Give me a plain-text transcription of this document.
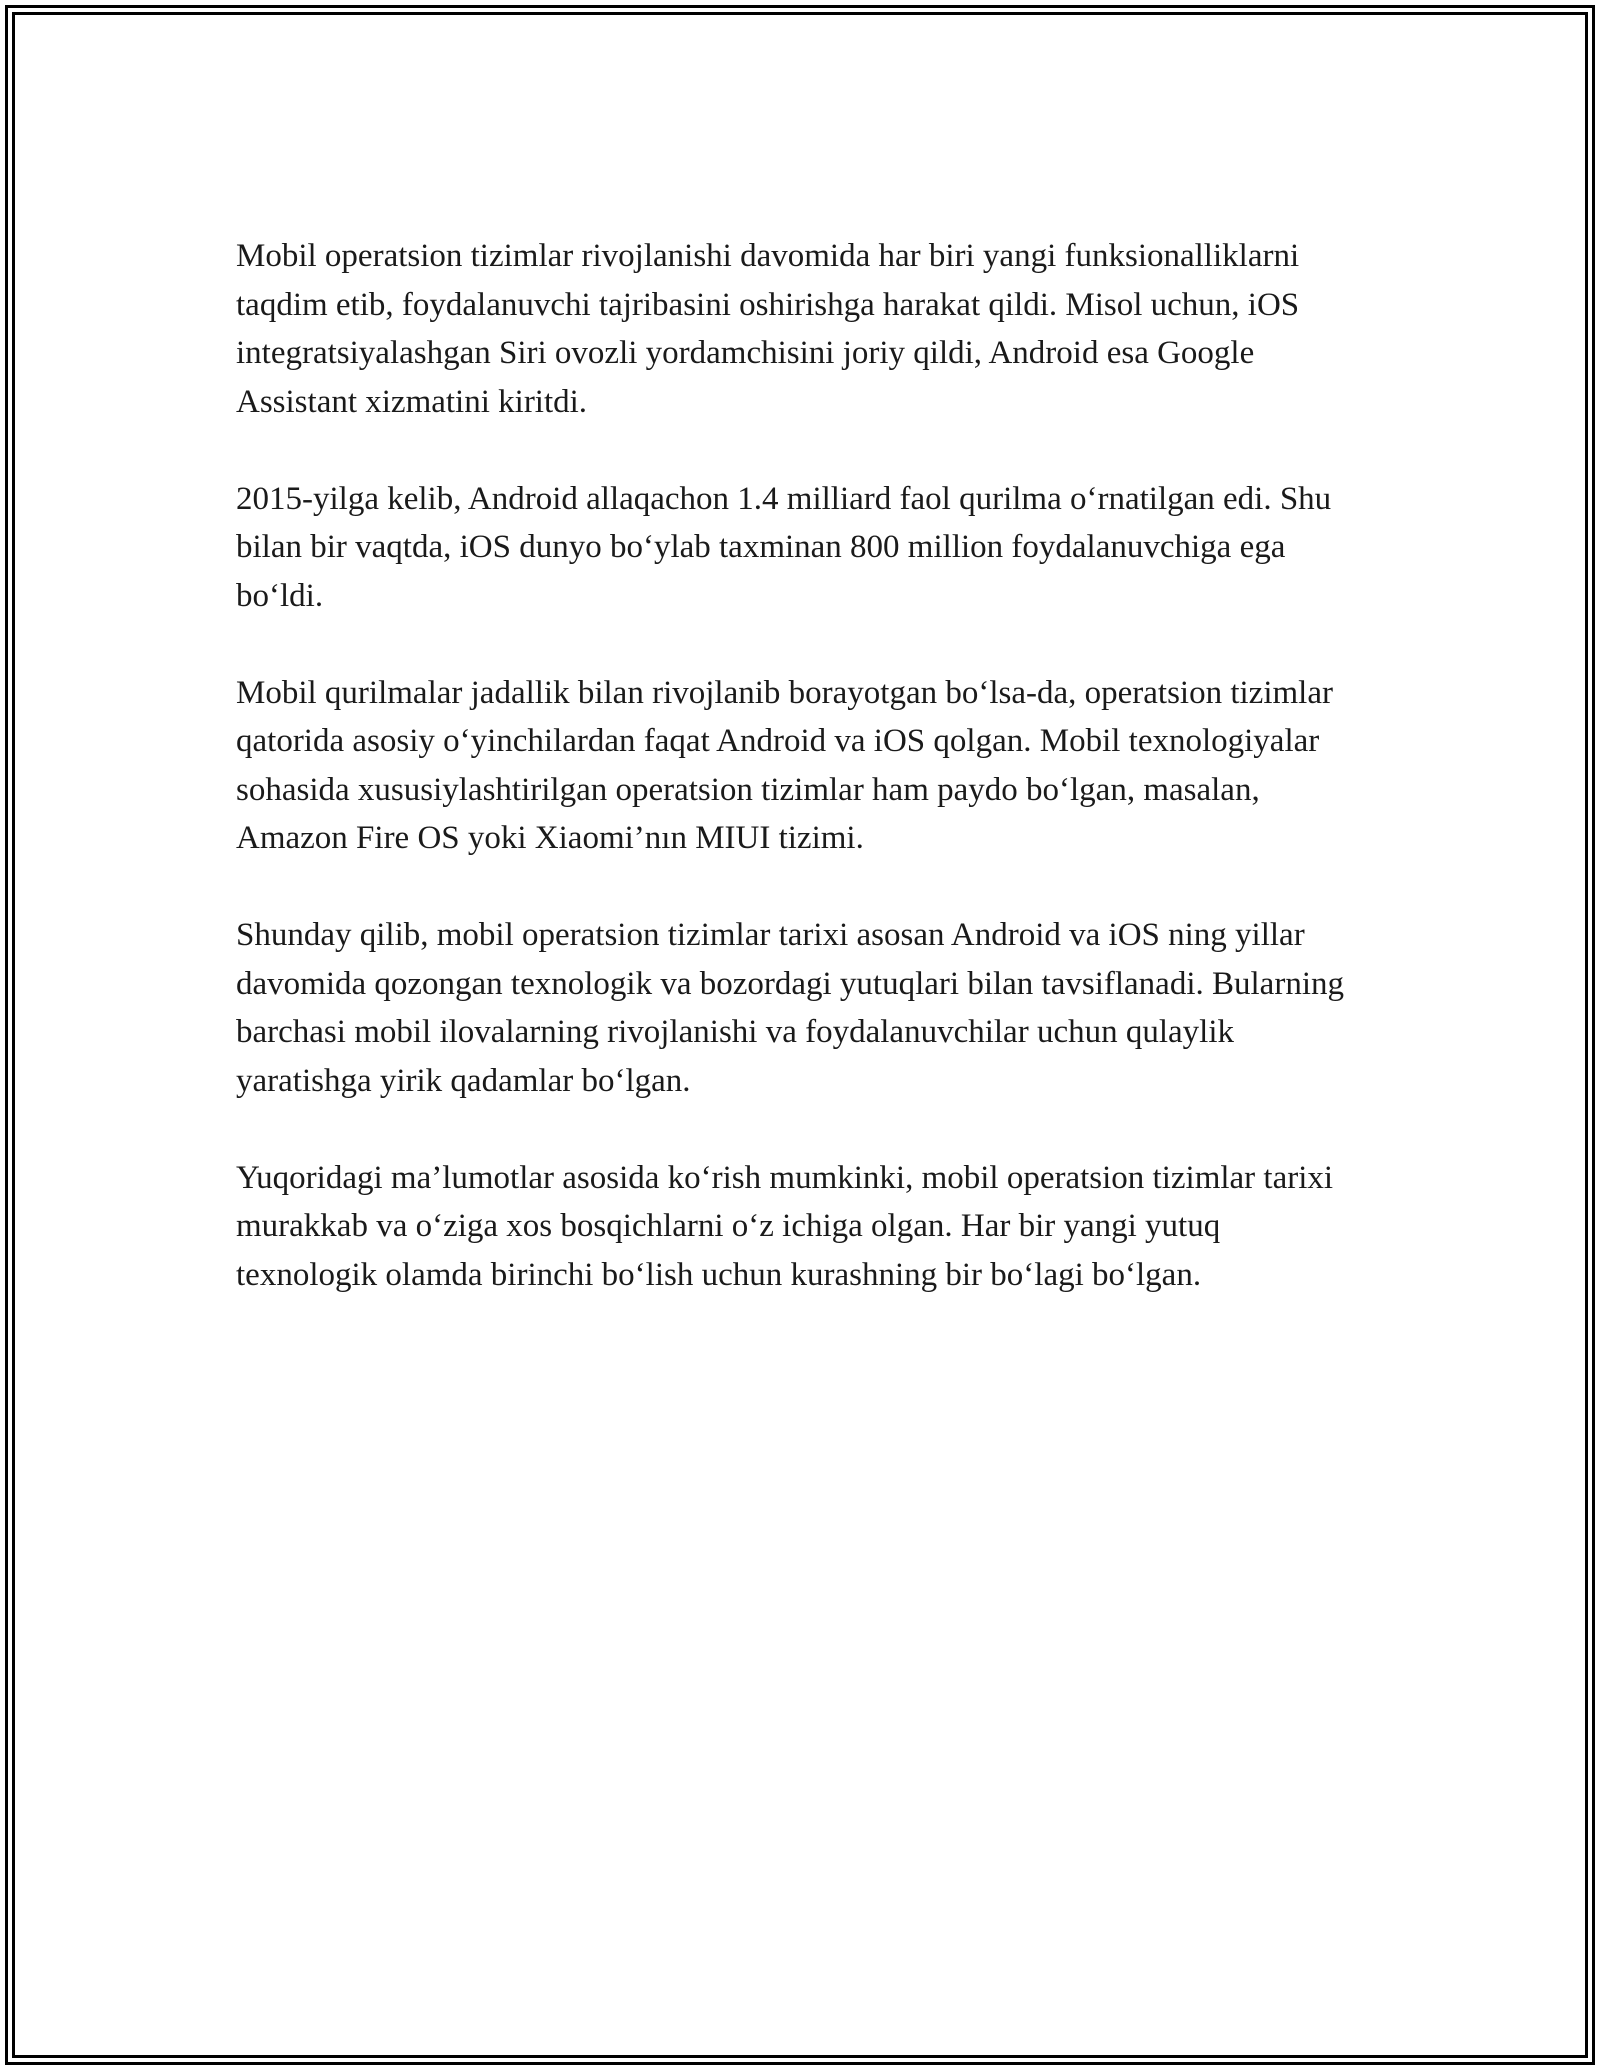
Mobil operatsion tizimlar rivojlanishi davomida har biri yangi funksionalliklarni taqdim etib, foydalanuvchi tajribasini oshirishga harakat qildi. Misol uchun, iOS integratsiyalashgan Siri ovozli yordamchisini joriy qildi, Android esa Google Assistant xizmatini kiritdi.

2015-yilga kelib, Android allaqachon 1.4 milliard faol qurilma o‘rnatilgan edi. Shu bilan bir vaqtda, iOS dunyo bo‘ylab taxminan 800 million foydalanuvchiga ega bo‘ldi.

Mobil qurilmalar jadallik bilan rivojlanib borayotgan bo‘lsa-da, operatsion tizimlar qatorida asosiy o‘yinchilardan faqat Android va iOS qolgan. Mobil texnologiyalar sohasida xususiylashtirilgan operatsion tizimlar ham paydo bo‘lgan, masalan, Amazon Fire OS yoki Xiaomi’nın MIUI tizimi.

Shunday qilib, mobil operatsion tizimlar tarixi asosan Android va iOS ning yillar davomida qozongan texnologik va bozordagi yutuqlari bilan tavsiflanadi. Bularning barchasi mobil ilovalarning rivojlanishi va foydalanuvchilar uchun qulaylik yaratishga yirik qadamlar bo‘lgan.

Yuqoridagi ma’lumotlar asosida ko‘rish mumkinki, mobil operatsion tizimlar tarixi murakkab va o‘ziga xos bosqichlarni o‘z ichiga olgan. Har bir yangi yutuq texnologik olamda birinchi bo‘lish uchun kurashning bir bo‘lagi bo‘lgan.
